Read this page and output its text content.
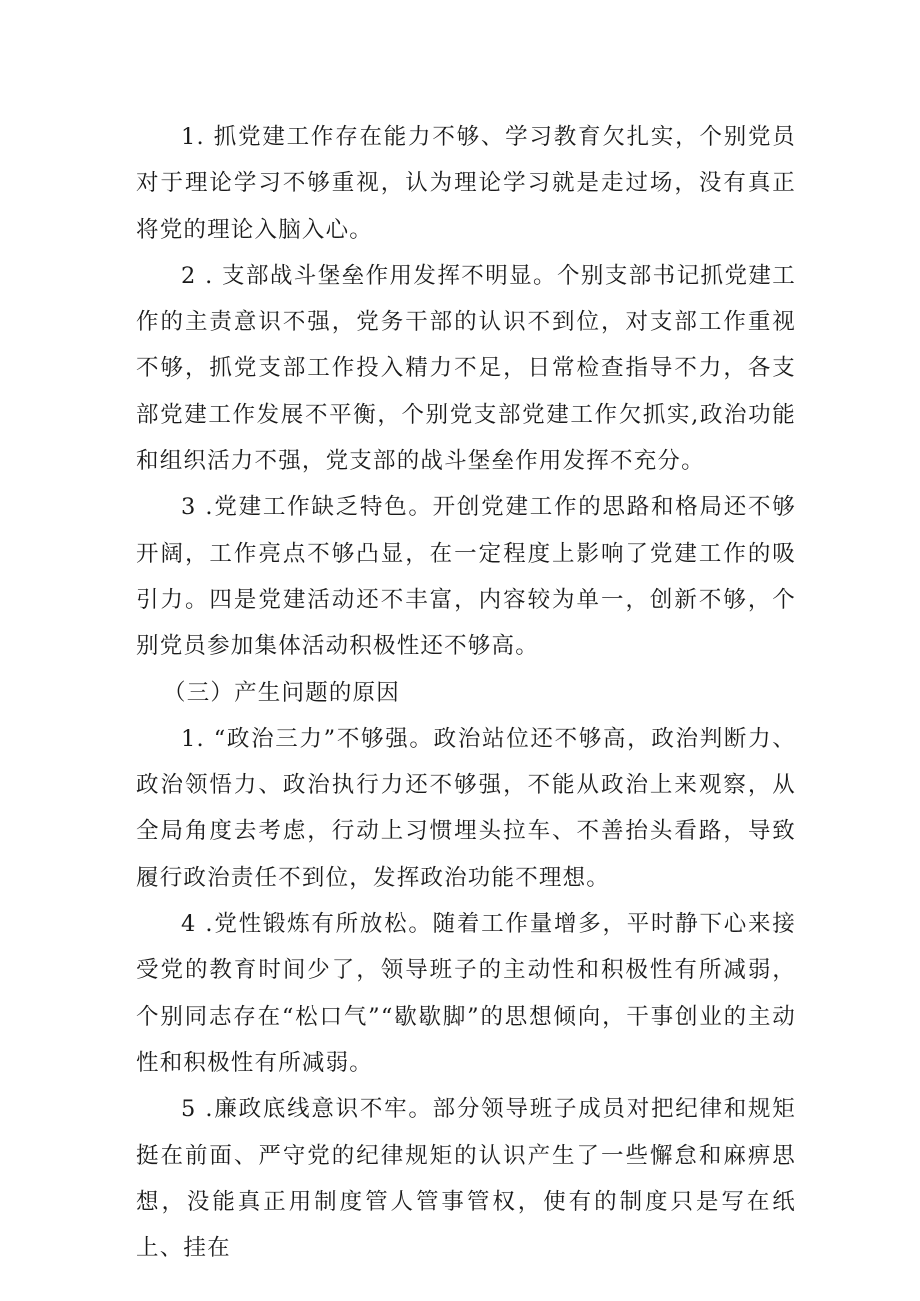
1. 抓党建工作存在能力不够、学习教育欠扎实，个别党员对于理论学习不够重视，认为理论学习就是走过场，没有真正将党的理论入脑入心。

2 . 支部战斗堡垒作用发挥不明显。个别支部书记抓党建工作的主责意识不强，党务干部的认识不到位，对支部工作重视不够，抓党支部工作投入精力不足，日常检查指导不力，各支部党建工作发展不平衡，个别党支部党建工作欠抓实,政治功能和组织活力不强，党支部的战斗堡垒作用发挥不充分。

3 .党建工作缺乏特色。开创党建工作的思路和格局还不够开阔，工作亮点不够凸显，在一定程度上影响了党建工作的吸引力。四是党建活动还不丰富，内容较为单一，创新不够，个别党员参加集体活动积极性还不够高。

（三）产生问题的原因

1. “政治三力”不够强。政治站位还不够高，政治判断力、政治领悟力、政治执行力还不够强，不能从政治上来观察，从全局角度去考虑，行动上习惯埋头拉车、不善抬头看路，导致履行政治责任不到位，发挥政治功能不理想。

4 .党性锻炼有所放松。随着工作量增多，平时静下心来接受党的教育时间少了，领导班子的主动性和积极性有所减弱，个别同志存在“松口气”“歇歇脚”的思想倾向，干事创业的主动性和积极性有所减弱。

5 .廉政底线意识不牢。部分领导班子成员对把纪律和规矩挺在前面、严守党的纪律规矩的认识产生了一些懈怠和麻痹思想，没能真正用制度管人管事管权，使有的制度只是写在纸上、挂在
